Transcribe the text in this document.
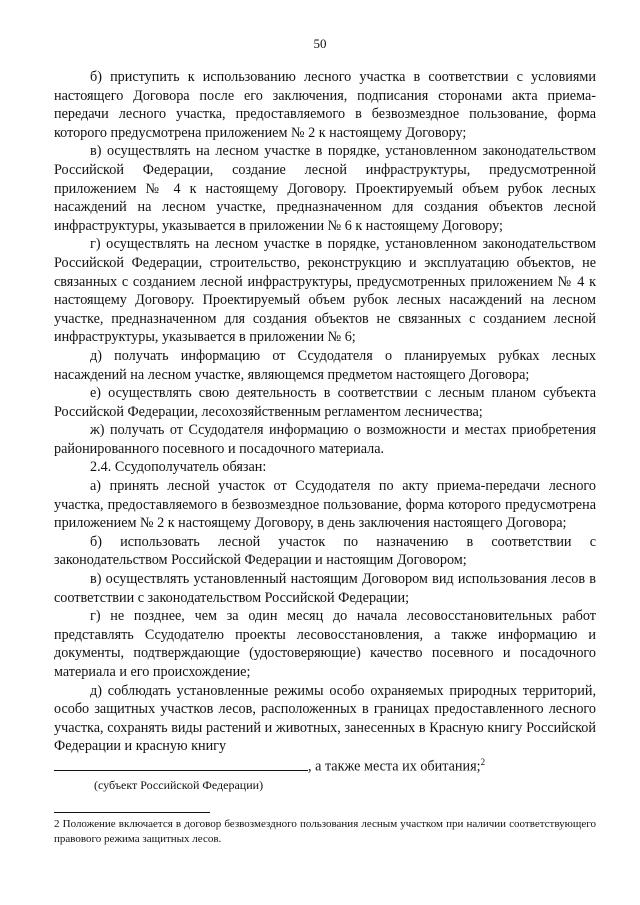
50

б) приступить к использованию лесного участка в соответствии с условиями настоящего Договора после его заключения, подписания сторонами акта приема-передачи лесного участка, предоставляемого в безвозмездное пользование, форма которого предусмотрена приложением № 2 к настоящему Договору;

в) осуществлять на лесном участке в порядке, установленном законодательством Российской Федерации, создание лесной инфраструктуры, предусмотренной приложением № 4 к настоящему Договору. Проектируемый объем рубок лесных насаждений на лесном участке, предназначенном для создания объектов лесной инфраструктуры, указывается в приложении № 6 к настоящему Договору;

г) осуществлять на лесном участке в порядке, установленном законодательством Российской Федерации, строительство, реконструкцию и эксплуатацию объектов, не связанных с созданием лесной инфраструктуры, предусмотренных приложением № 4 к настоящему Договору. Проектируемый объем рубок лесных насаждений на лесном участке, предназначенном для создания объектов не связанных с созданием лесной инфраструктуры, указывается в приложении № 6;

д) получать информацию от Ссудодателя о планируемых рубках лесных насаждений на лесном участке, являющемся предметом настоящего Договора;

е) осуществлять свою деятельность в соответствии с лесным планом субъекта Российской Федерации, лесохозяйственным регламентом лесничества;

ж) получать от Ссудодателя информацию о возможности и местах приобретения районированного посевного и посадочного материала.

2.4. Ссудополучатель обязан:

а) принять лесной участок от Ссудодателя по акту приема-передачи лесного участка, предоставляемого в безвозмездное пользование, форма которого предусмотрена приложением № 2 к настоящему Договору, в день заключения настоящего Договора;

б) использовать лесной участок по назначению в соответствии с законодательством Российской Федерации и настоящим Договором;

в) осуществлять установленный настоящим Договором вид использования лесов в соответствии с законодательством Российской Федерации;

г) не позднее, чем за один месяц до начала лесовосстановительных работ представлять Ссудодателю проекты лесовосстановления, а также информацию и документы, подтверждающие (удостоверяющие) качество посевного и посадочного материала и его происхождение;

д) соблюдать установленные режимы особо охраняемых природных территорий, особо защитных участков лесов, расположенных в границах предоставленного лесного участка, сохранять виды растений и животных, занесенных в Красную книгу Российской Федерации и красную книгу

, а также места их обитания;$^2$
(субъект Российской Федерации)
2 Положение включается в договор безвозмездного пользования лесным участком при наличии соответствующего правового режима защитных лесов.
